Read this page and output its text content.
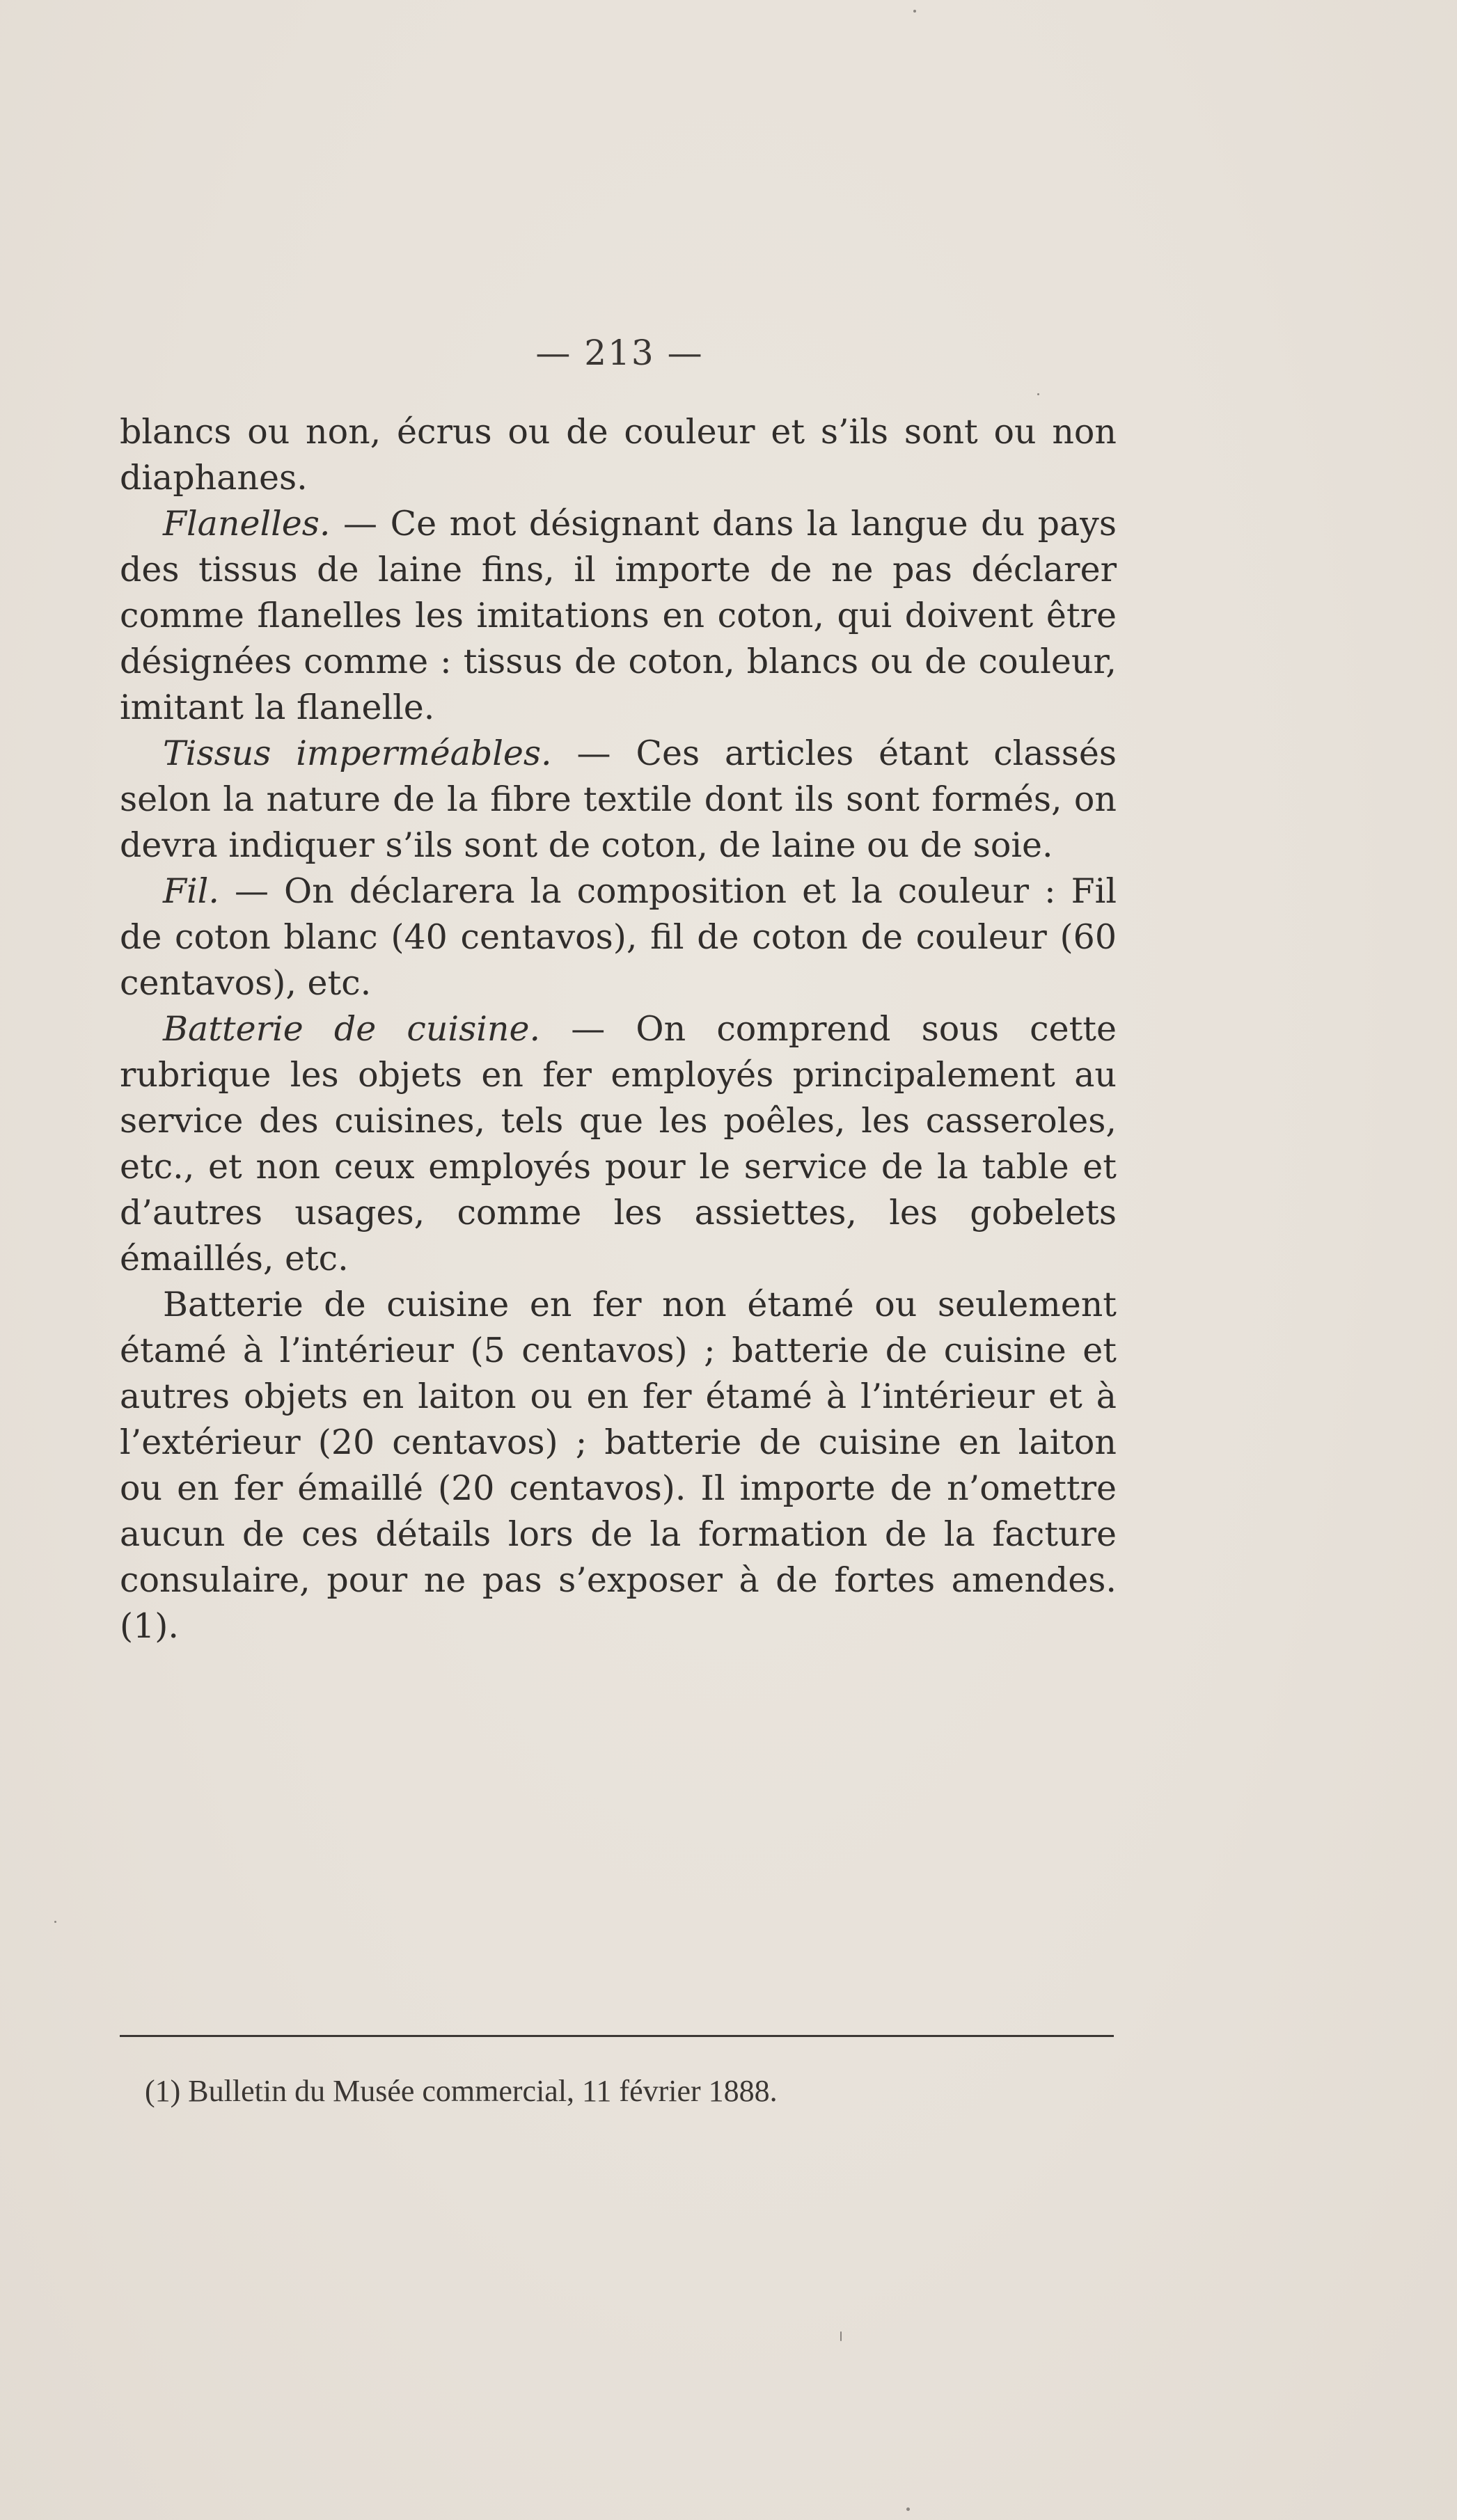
— 213 —

blancs ou non, écrus ou de couleur et s’ils sont ou non diaphanes.

Flanelles. — Ce mot désignant dans la langue du pays des tissus de laine fins, il importe de ne pas déclarer comme flanelles les imitations en coton, qui doivent être désignées comme : tissus de coton, blancs ou de couleur, imitant la flanelle.

Tissus imperméables. — Ces articles étant classés selon la nature de la fibre textile dont ils sont formés, on devra indiquer s’ils sont de coton, de laine ou de soie.

Fil. — On déclarera la composition et la couleur : Fil de coton blanc (40 centavos), fil de coton de couleur (60 centavos), etc.

Batterie de cuisine. — On comprend sous cette rubrique les objets en fer employés principalement au service des cuisines, tels que les poêles, les casseroles, etc., et non ceux employés pour le service de la table et d’autres usages, comme les assiettes, les gobelets émaillés, etc.

Batterie de cuisine en fer non étamé ou seulement étamé à l’intérieur (5 centavos) ; batterie de cuisine et autres objets en laiton ou en fer étamé à l’intérieur et à l’extérieur (20 centavos) ; batterie de cuisine en laiton ou en fer émaillé (20 centavos). Il importe de n’omettre aucun de ces détails lors de la formation de la facture consulaire, pour ne pas s’exposer à de fortes amendes. (1).

(1) Bulletin du Musée commercial, 11 février 1888.
